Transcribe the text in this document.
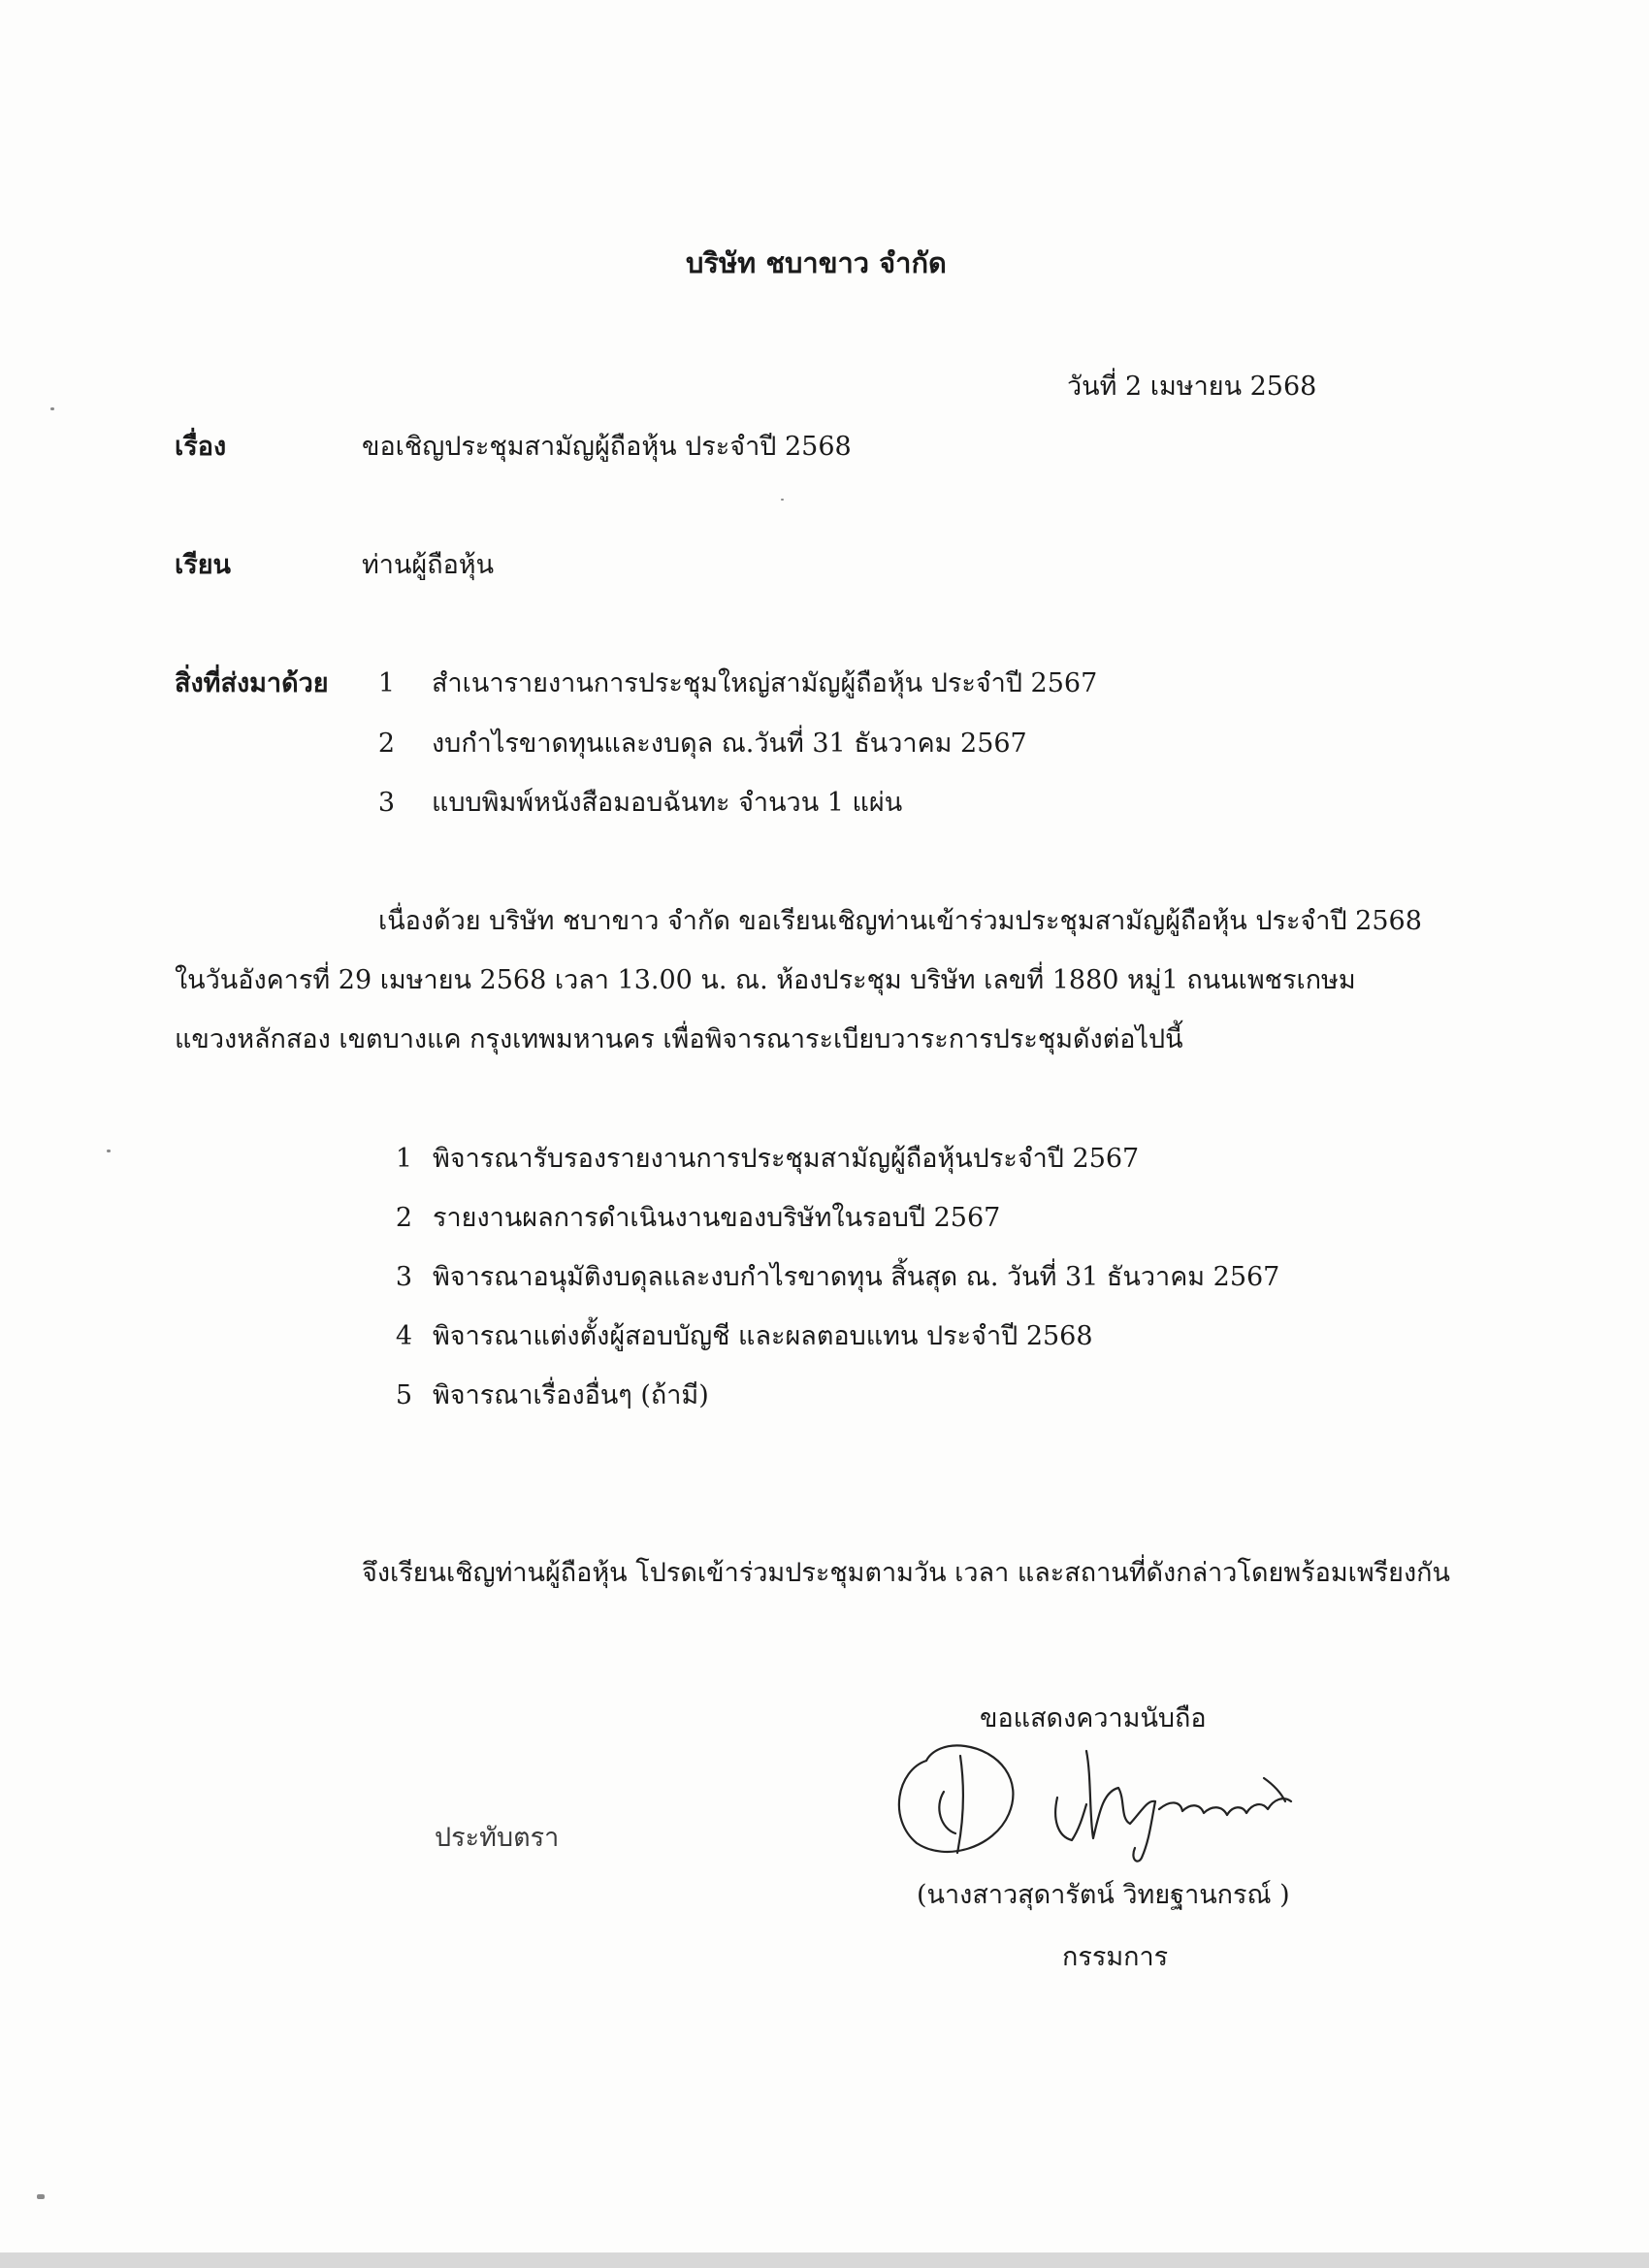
บริษัท ชบาขาว จำกัด
วันที่ 2 เมษายน 2568
เรื่อง	ขอเชิญประชุมสามัญผู้ถือหุ้น ประจำปี 2568
เรียน	ท่านผู้ถือหุ้น
สิ่งที่ส่งมาด้วย	1 สำเนารายงานการประชุมใหญ่สามัญผู้ถือหุ้น ประจำปี 2567
2 งบกำไรขาดทุนและงบดุล ณ.วันที่ 31 ธันวาคม 2567
3 แบบพิมพ์หนังสือมอบฉันทะ จำนวน 1 แผ่น
เนื่องด้วย บริษัท ชบาขาว จำกัด ขอเรียนเชิญท่านเข้าร่วมประชุมสามัญผู้ถือหุ้น ประจำปี 2568
ในวันอังคารที่ 29 เมษายน 2568 เวลา 13.00 น. ณ. ห้องประชุม บริษัท เลขที่ 1880 หมู่1 ถนนเพชรเกษม
แขวงหลักสอง เขตบางแค กรุงเทพมหานคร เพื่อพิจารณาระเบียบวาระการประชุมดังต่อไปนี้
1 พิจารณารับรองรายงานการประชุมสามัญผู้ถือหุ้นประจำปี 2567
2 รายงานผลการดำเนินงานของบริษัทในรอบปี 2567
3 พิจารณาอนุมัติงบดุลและงบกำไรขาดทุน สิ้นสุด ณ. วันที่ 31 ธันวาคม 2567
4 พิจารณาแต่งตั้งผู้สอบบัญชี และผลตอบแทน ประจำปี 2568
5 พิจารณาเรื่องอื่นๆ (ถ้ามี)
จึงเรียนเชิญท่านผู้ถือหุ้น โปรดเข้าร่วมประชุมตามวัน เวลา และสถานที่ดังกล่าวโดยพร้อมเพรียงกัน
ขอแสดงความนับถือ
ประทับตรา
(นางสาวสุดารัตน์ วิทยฐานกรณ์ )
กรรมการ
